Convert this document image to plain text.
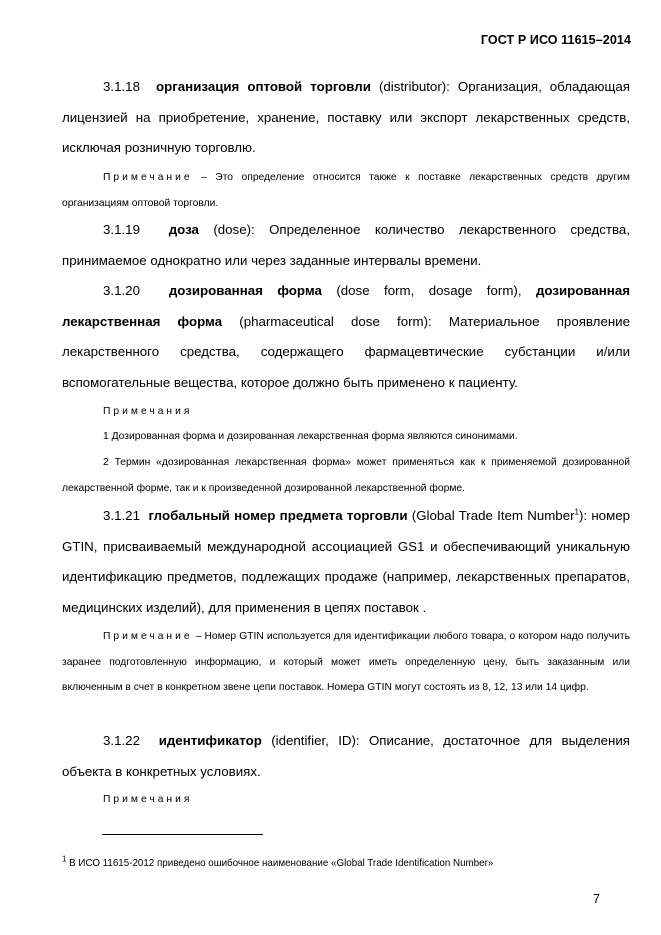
ГОСТ Р ИСО 11615–2014
3.1.18 организация оптовой торговли (distributor): Организация, обладающая лицензией на приобретение, хранение, поставку или экспорт лекарственных средств, исключая розничную торговлю.
Примечание – Это определение относится также к поставке лекарственных средств другим организациям оптовой торговли.
3.1.19 доза (dose): Определенное количество лекарственного средства, принимаемое однократно или через заданные интервалы времени.
3.1.20 дозированная форма (dose form, dosage form), дозированная лекарственная форма (pharmaceutical dose form): Материальное проявление лекарственного средства, содержащего фармацевтические субстанции и/или вспомогательные вещества, которое должно быть применено к пациенту.
Примечания
1 Дозированная форма и дозированная лекарственная форма являются синонимами.
2 Термин «дозированная лекарственная форма» может применяться как к применяемой дозированной лекарственной форме, так и к произведенной дозированной лекарственной форме.
3.1.21 глобальный номер предмета торговли (Global Trade Item Number$^1$): номер GTIN, присваиваемый международной ассоциацией GS1 и обеспечивающий уникальную идентификацию предметов, подлежащих продаже (например, лекарственных препаратов, медицинских изделий), для применения в цепях поставок .
Примечание – Номер GTIN используется для идентификации любого товара, о котором надо получить заранее подготовленную информацию, и который может иметь определенную цену, быть заказанным или включенным в счет в конкретном звене цепи поставок. Номера GTIN могут состоять из 8, 12, 13 или 14 цифр.
3.1.22 идентификатор (identifier, ID): Описание, достаточное для выделения объекта в конкретных условиях.
Примечания
$^1$ В ИСО 11615-2012 приведено ошибочное наименование «Global Trade Identification Number»
7
